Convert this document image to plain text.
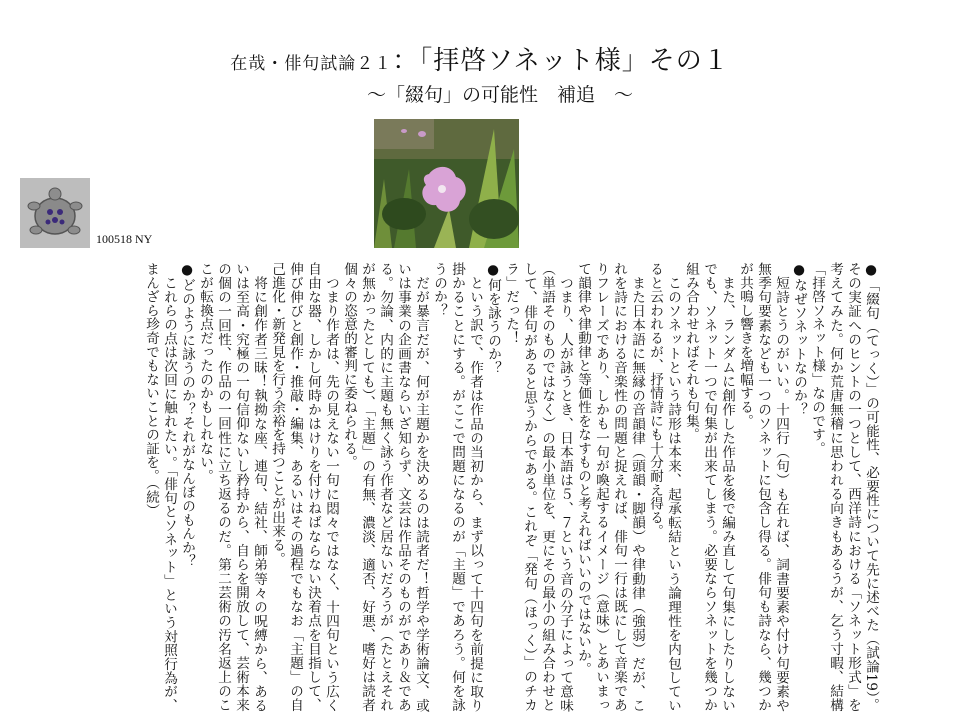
在哉・俳句試論２１：「拝啓ソネット様」その１
～「綴句」の可能性　補追　～
100518 NY

●「綴句（てっく）」の可能性、必要性について先に述べた（試論19）。その実証へのヒントの一つとして、西洋詩における「ソネット形式」を考えてみた。何か荒唐無稽に思われる向きもあるうが、乞う寸暇、結構「拝啓ソネット様」なのです。

●なぜソネットなのか？

短詩とうのがいい。十四行（句）も在れば、詞書要素や付け句要素や無季句要素なども一つのソネットに包含し得る。俳句も詩なら、幾つかが共鳴し響きを増幅する。

また、ランダムに創作した作品を後で編み直して句集にしたりしないでも、ソネット一つで句集が出来てしまう。必要ならソネットを幾つか組み合わせればそれも句集。

このソネットという詩形は本来、起承転結という論理性を内包していると云われるが、抒情詩にも十分耐え得る。

また日本語に無縁の音韻律（頭韻・脚韻）や律動律（強弱）だが、これを詩における音楽性の問題と捉えれば、俳句一行は既にして音楽でありフレーズであり、しかも一句が喚起するイメージ（意味）とあいまって韻律や律動律と等価性をなすものと考えればいいのではないか。

つまり、人が詠うとき、日本語は５、７という音の分子によって意味（単語そのものではなく）の最小単位を、更にその最小の組み合わせとして、俳句があると思うからである。これぞ「発句（ほっく）」のチカラ」だった！

●何を詠うのか？

という訳で、作者は作品の当初から、まず以って十四句を前提に取り掛かることにする。がここで問題になるのが「主題」であろう。何を詠うのか？

だが暴言だが、何が主題かを決めるのは読者だ！哲学や学術論文、或いは事業の企画書ならいざ知らず、文芸は作品そのものがであり＆である。勿論、内的に主題も無く詠う作者など居ないだろうが（たとえそれが無かったとしても）、「主題」の有無、濃淡、適否、好悪、嗜好は読者個々の恣意的審判に委ねられる。

つまり作者は、先の見えない一句に悶々ではなく、十四句という広く自由な器、しかし何時かはけりを付けねばならない決着点を目指して、伸び伸びと創作・推敲・編集、あるいはその過程でもなお「主題」の自己進化・新発見を行う余裕を持つことが出来る。

将に創作者三昧！執拗な座、連句、結社、師弟等々の呪縛から、あるいは至高・究極の一句信仰ないし矜持から、自らを開放して、芸術本来の個の一回性、作品の一回性に立ち返るのだ。第二芸術の汚名返上のここが転換点だったのかもしれない。

●どのように詠うのか？それがなんぼのもんか？

これらの点は次回に触れたい。「俳句とソネット」という対照行為が、まんざら珍奇でもないことの証を。（続）
